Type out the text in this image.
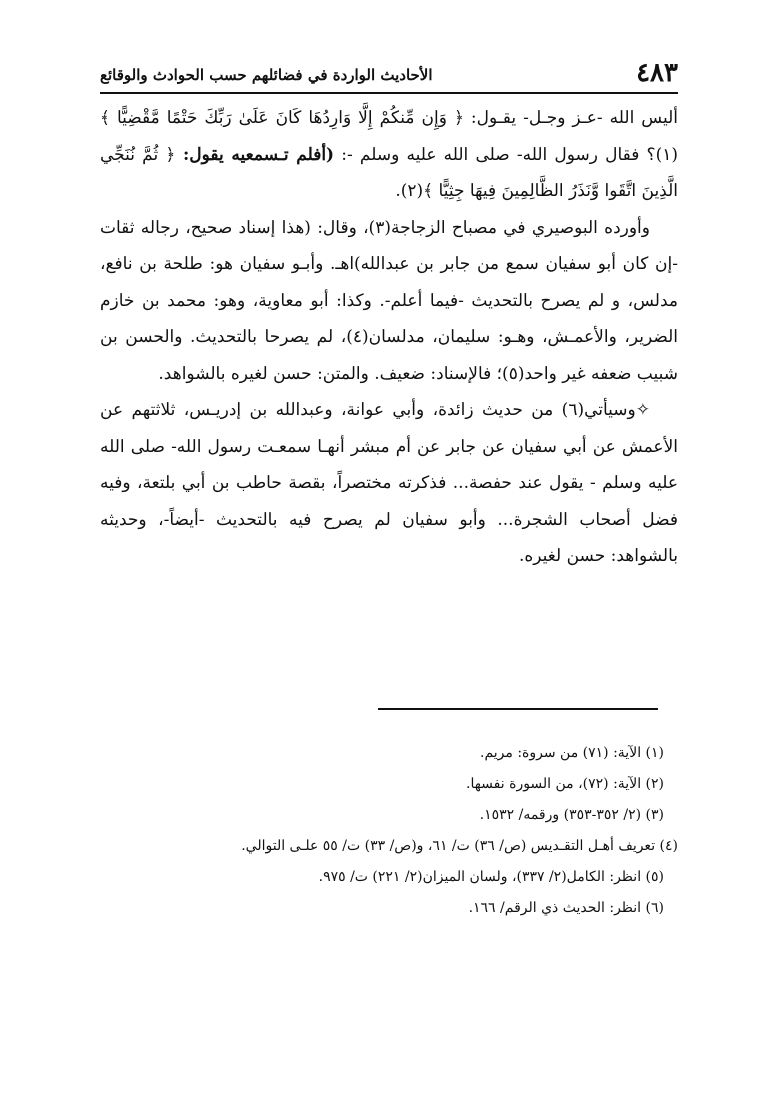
٤٨٣
الأحاديث الواردة في فضائلهم حسب الحوادث والوقائع

أليس الله -عـز وجـل- يقـول: ﴿ وَإِن مِّنكُمْ إِلَّا وَارِدُهَا كَانَ عَلَىٰ رَبِّكَ حَتْمًا مَّقْضِيًّا ﴾(١)؟ فقال رسول الله- صلى الله عليه وسلم -: (أفلم تـسمعيه يقول: ﴿ ثُمَّ نُنَجِّي الَّذِينَ اتَّقَوا وَّنَذَرُ الظَّالِمِينَ فِيهَا جِثِيًّا ﴾(٢).

وأورده البوصيري في مصباح الزجاجة(٣)، وقال: (هذا إسناد صحيح، رجاله ثقات -إن كان أبو سفيان سمع من جابر بن عبدالله)اهـ. وأبـو سفيان هو: طلحة بن نافع، مدلس، و لم يصرح بالتحديث -فيما أعلم-. وكذا: أبو معاوية، وهو: محمد بن خازم الضرير، والأعمـش، وهـو: سليمان، مدلسان(٤)، لم يصرحا بالتحديث. والحسن بن شبيب ضعفه غير واحد(٥)؛ فالإسناد: ضعيف. والمتن: حسن لغيره بالشواهد.

✧وسيأتي(٦) من حديث زائدة، وأبي عوانة، وعبدالله بن إدريـس، ثلاثتهم عن الأعمش عن أبي سفيان عن جابر عن أم مبشر أنهـا سمعـت رسول الله- صلى الله عليه وسلم - يقول عند حفصة... فذكرته مختصراً، بقصة حاطب بن أبي بلتعة، وفيه فضل أصحاب الشجرة... وأبو سفيان لم يصرح فيه بالتحديث -أيضاً-، وحديثه بالشواهد: حسن لغيره.

(١) الآية: (٧١) من سروة: مريم.

(٢) الآية: (٧٢)، من السورة نفسها.

(٣) (٢/ ٣٥٢-٣٥٣) ورقمه/ ١٥٣٢.

(٤) تعريف أهـل التقـديس (ص/ ٣٦) ت/ ٦١، و(ص/ ٣٣) ت/ ٥٥ علـى التوالي.

(٥) انظر: الكامل(٢/ ٣٣٧)، ولسان الميزان(٢/ ٢٢١) ت/ ٩٧٥.

(٦) انظر: الحديث ذي الرقم/ ١٦٦.
